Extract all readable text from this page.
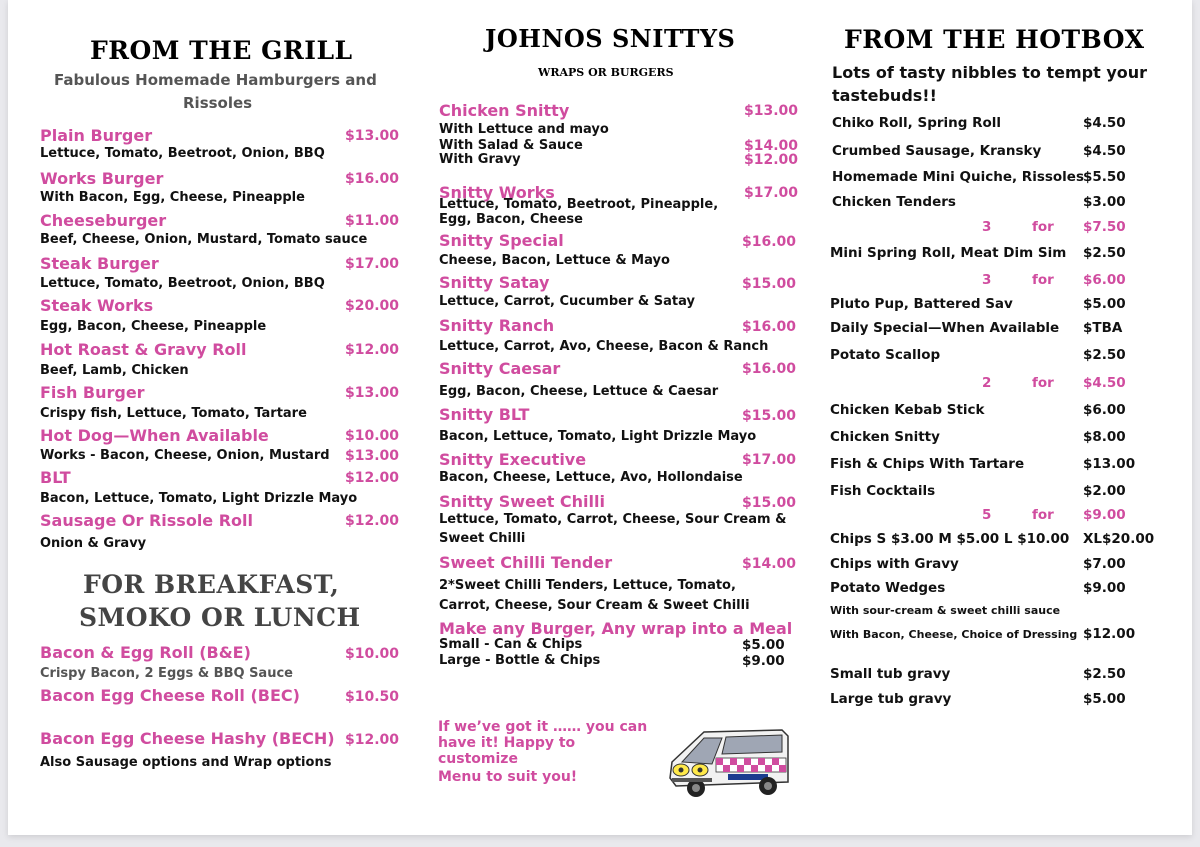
FROM THE GRILL
Fabulous Homemade Hamburgers and
Rissoles
Plain Burger	$13.00
Lettuce, Tomato, Beetroot, Onion, BBQ
Works Burger	$16.00
With Bacon, Egg, Cheese, Pineapple
Cheeseburger	$11.00
Beef, Cheese, Onion, Mustard, Tomato sauce
Steak Burger	$17.00
Lettuce, Tomato, Beetroot, Onion, BBQ
Steak Works	$20.00
Egg, Bacon, Cheese, Pineapple
Hot Roast & Gravy Roll	$12.00
Beef, Lamb, Chicken
Fish Burger	$13.00
Crispy fish, Lettuce, Tomato, Tartare
Hot Dog—When Available	$10.00
Works - Bacon, Cheese, Onion, Mustard $13.00
BLT	$12.00
Bacon, Lettuce, Tomato, Light Drizzle Mayo
Sausage Or Rissole Roll	$12.00
Onion & Gravy
FOR BREAKFAST,
SMOKO OR LUNCH
Bacon & Egg Roll (B&E)	$10.00
Crispy Bacon, 2 Eggs & BBQ Sauce
Bacon Egg Cheese Roll (BEC)	$10.50
Bacon Egg Cheese Hashy (BECH) $12.00
Also Sausage options and Wrap options
JOHNOS SNITTYS
WRAPS OR BURGERS
Chicken Snitty	$13.00
With Lettuce and mayo
With Salad & Sauce	$14.00
With Gravy	$12.00
Snitty Works	$17.00
Lettuce, Tomato, Beetroot, Pineapple,
Egg, Bacon, Cheese
Snitty Special	$16.00
Cheese, Bacon, Lettuce & Mayo
Snitty Satay	$15.00
Lettuce, Carrot, Cucumber & Satay
Snitty Ranch	$16.00
Lettuce, Carrot, Avo, Cheese, Bacon & Ranch
Snitty Caesar	$16.00
Egg, Bacon, Cheese, Lettuce & Caesar
Snitty BLT	$15.00
Bacon, Lettuce, Tomato, Light Drizzle Mayo
Snitty Executive	$17.00
Bacon, Cheese, Lettuce, Avo, Hollondaise
Snitty Sweet Chilli	$15.00
Lettuce, Tomato, Carrot, Cheese, Sour Cream &
Sweet Chilli
Sweet Chilli Tender	$14.00
2*Sweet Chilli Tenders, Lettuce, Tomato,
Carrot, Cheese, Sour Cream & Sweet Chilli
Make any Burger, Any wrap into a Meal
Small - Can & Chips	$5.00
Large - Bottle & Chips	$9.00
If we’ve got it …… you can
have it! Happy to
customize
Menu to suit you!
FROM THE HOTBOX
Lots of tasty nibbles to tempt your
tastebuds!!
Chiko Roll, Spring Roll	$4.50
Crumbed Sausage, Kransky	$4.50
Homemade Mini Quiche, Rissoles $5.50
Chicken Tenders	$3.00
3	for $7.50
Mini Spring Roll, Meat Dim Sim $2.50
3	for $6.00
Pluto Pup, Battered Sav	$5.00
Daily Special—When Available $TBA
Potato Scallop	$2.50
2	for $4.50
Chicken Kebab Stick	$6.00
Chicken Snitty	$8.00
Fish & Chips With Tartare	$13.00
Fish Cocktails	$2.00
5	for $9.00
Chips S $3.00 M $5.00 L $10.00 XL$20.00
Chips with Gravy	$7.00
Potato Wedges	$9.00
With sour-cream & sweet chilli sauce
With Bacon, Cheese, Choice of Dressing $12.00
Small tub gravy	$2.50
Large tub gravy	$5.00
